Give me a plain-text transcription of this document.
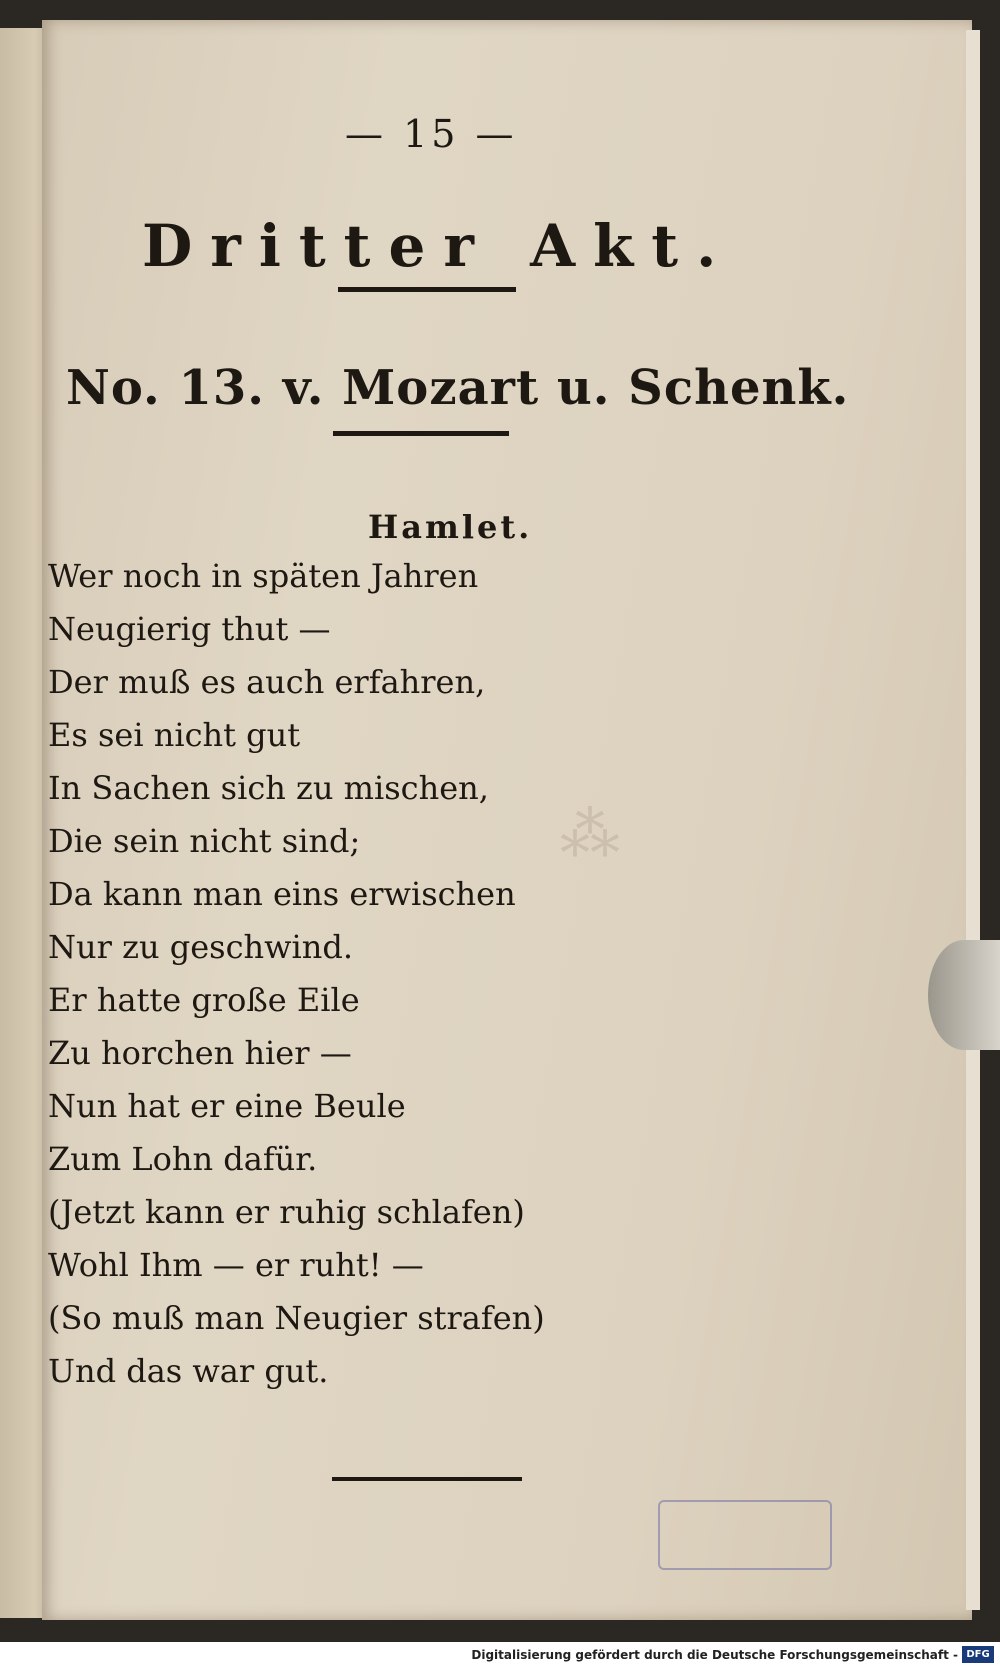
⁂
— 15 —
Dritter Akt.
No. 13. v. Mozart u. Schenk.
Hamlet.
Wer noch in späten Jahren
Neugierig thut —
Der muß es auch erfahren,
Es sei nicht gut
In Sachen sich zu mischen,
Die sein nicht sind;
Da kann man eins erwischen
Nur zu geschwind.
Er hatte große Eile
Zu horchen hier —
Nun hat er eine Beule
Zum Lohn dafür.
(Jetzt kann er ruhig schlafen)
Wohl Ihm — er ruht! —
(So muß man Neugier strafen)
Und das war gut.
Digitalisierung gefördert durch die Deutsche Forschungsgemeinschaft - DFG
